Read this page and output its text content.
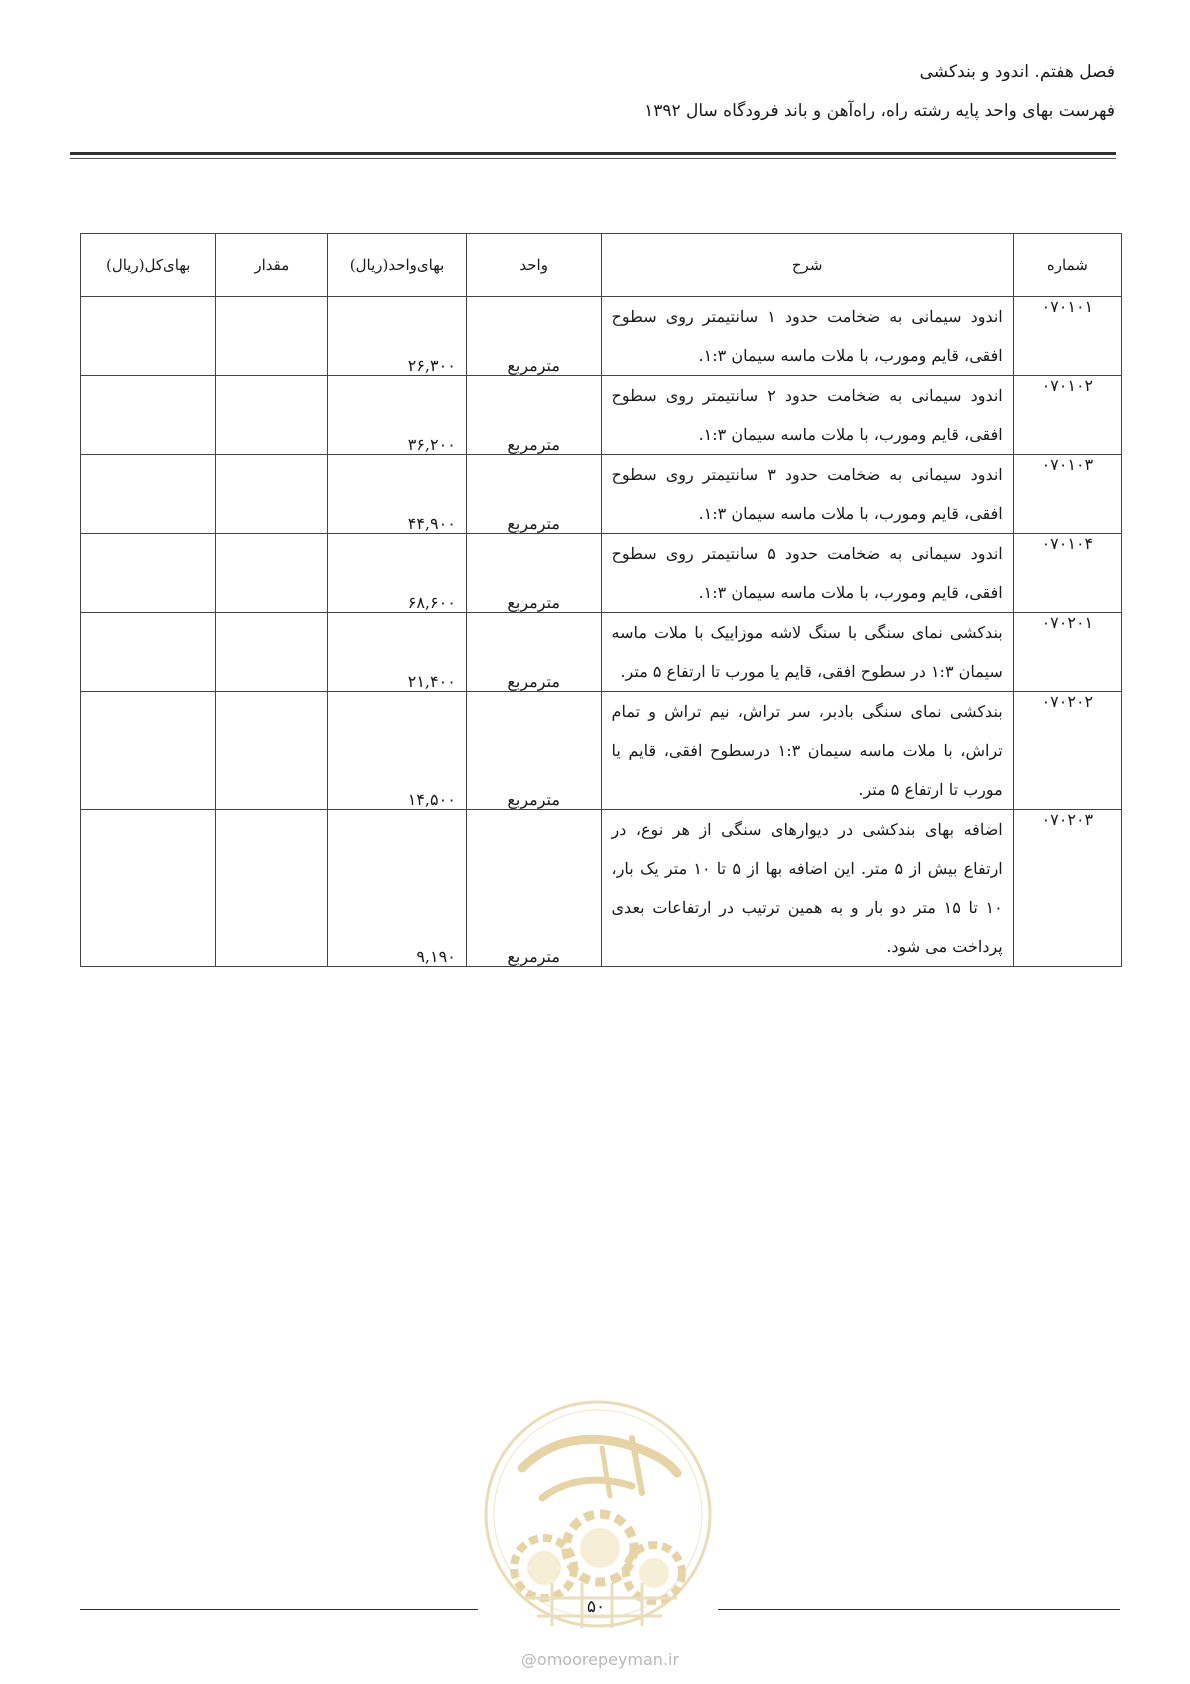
فصل هفتم. اندود و بندکشی
فهرست بهای واحد پایه رشته راه، راه‌آهن و باند فرودگاه سال ۱۳۹۲
شماره	شرح	واحد	بهای‌واحد(ریال)	مقدار	بهای‌کل(ریال)
۰۷۰۱۰۱	اندود سیمانی به ضخامت حدود ۱ سانتیمتر روی سطوح افقی، قایم ومورب، با ملات ماسه سیمان ۱:۳.	مترمربع	۲۶,۳۰۰		
۰۷۰۱۰۲	اندود سیمانی به ضخامت حدود ۲ سانتیمتر روی سطوح افقی، قایم ومورب، با ملات ماسه سیمان ۱:۳.	مترمربع	۳۶,۲۰۰		
۰۷۰۱۰۳	اندود سیمانی به ضخامت حدود ۳ سانتیمتر روی سطوح افقی، قایم ومورب، با ملات ماسه سیمان ۱:۳.	مترمربع	۴۴,۹۰۰		
۰۷۰۱۰۴	اندود سیمانی به ضخامت حدود ۵ سانتیمتر روی سطوح افقی، قایم ومورب، با ملات ماسه سیمان ۱:۳.	مترمربع	۶۸,۶۰۰		
۰۷۰۲۰۱	بندکشی نمای سنگی با سنگ لاشه موزاییک با ملات ماسه سیمان ۱:۳ در سطوح افقی، قایم یا مورب تا ارتفاع ۵ متر.	مترمربع	۲۱,۴۰۰		
۰۷۰۲۰۲	بندکشی نمای سنگی بادبر، سر تراش، نیم تراش و تمام تراش، با ملات ماسه سیمان ۱:۳ درسطوح افقی، قایم یا مورب تا ارتفاع ۵ متر.	مترمربع	۱۴,۵۰۰		
۰۷۰۲۰۳	اضافه بهای بندکشی در دیوارهای سنگی از هر نوع، در ارتفاع بیش از ۵ متر. این اضافه بها از ۵ تا ۱۰ متر یک بار، ۱۰ تا ۱۵ متر دو بار و به همین ترتیب در ارتفاعات بعدی پرداخت می شود.	مترمربع	۹,۱۹۰		
۵۰
@omoorepeyman.ir
